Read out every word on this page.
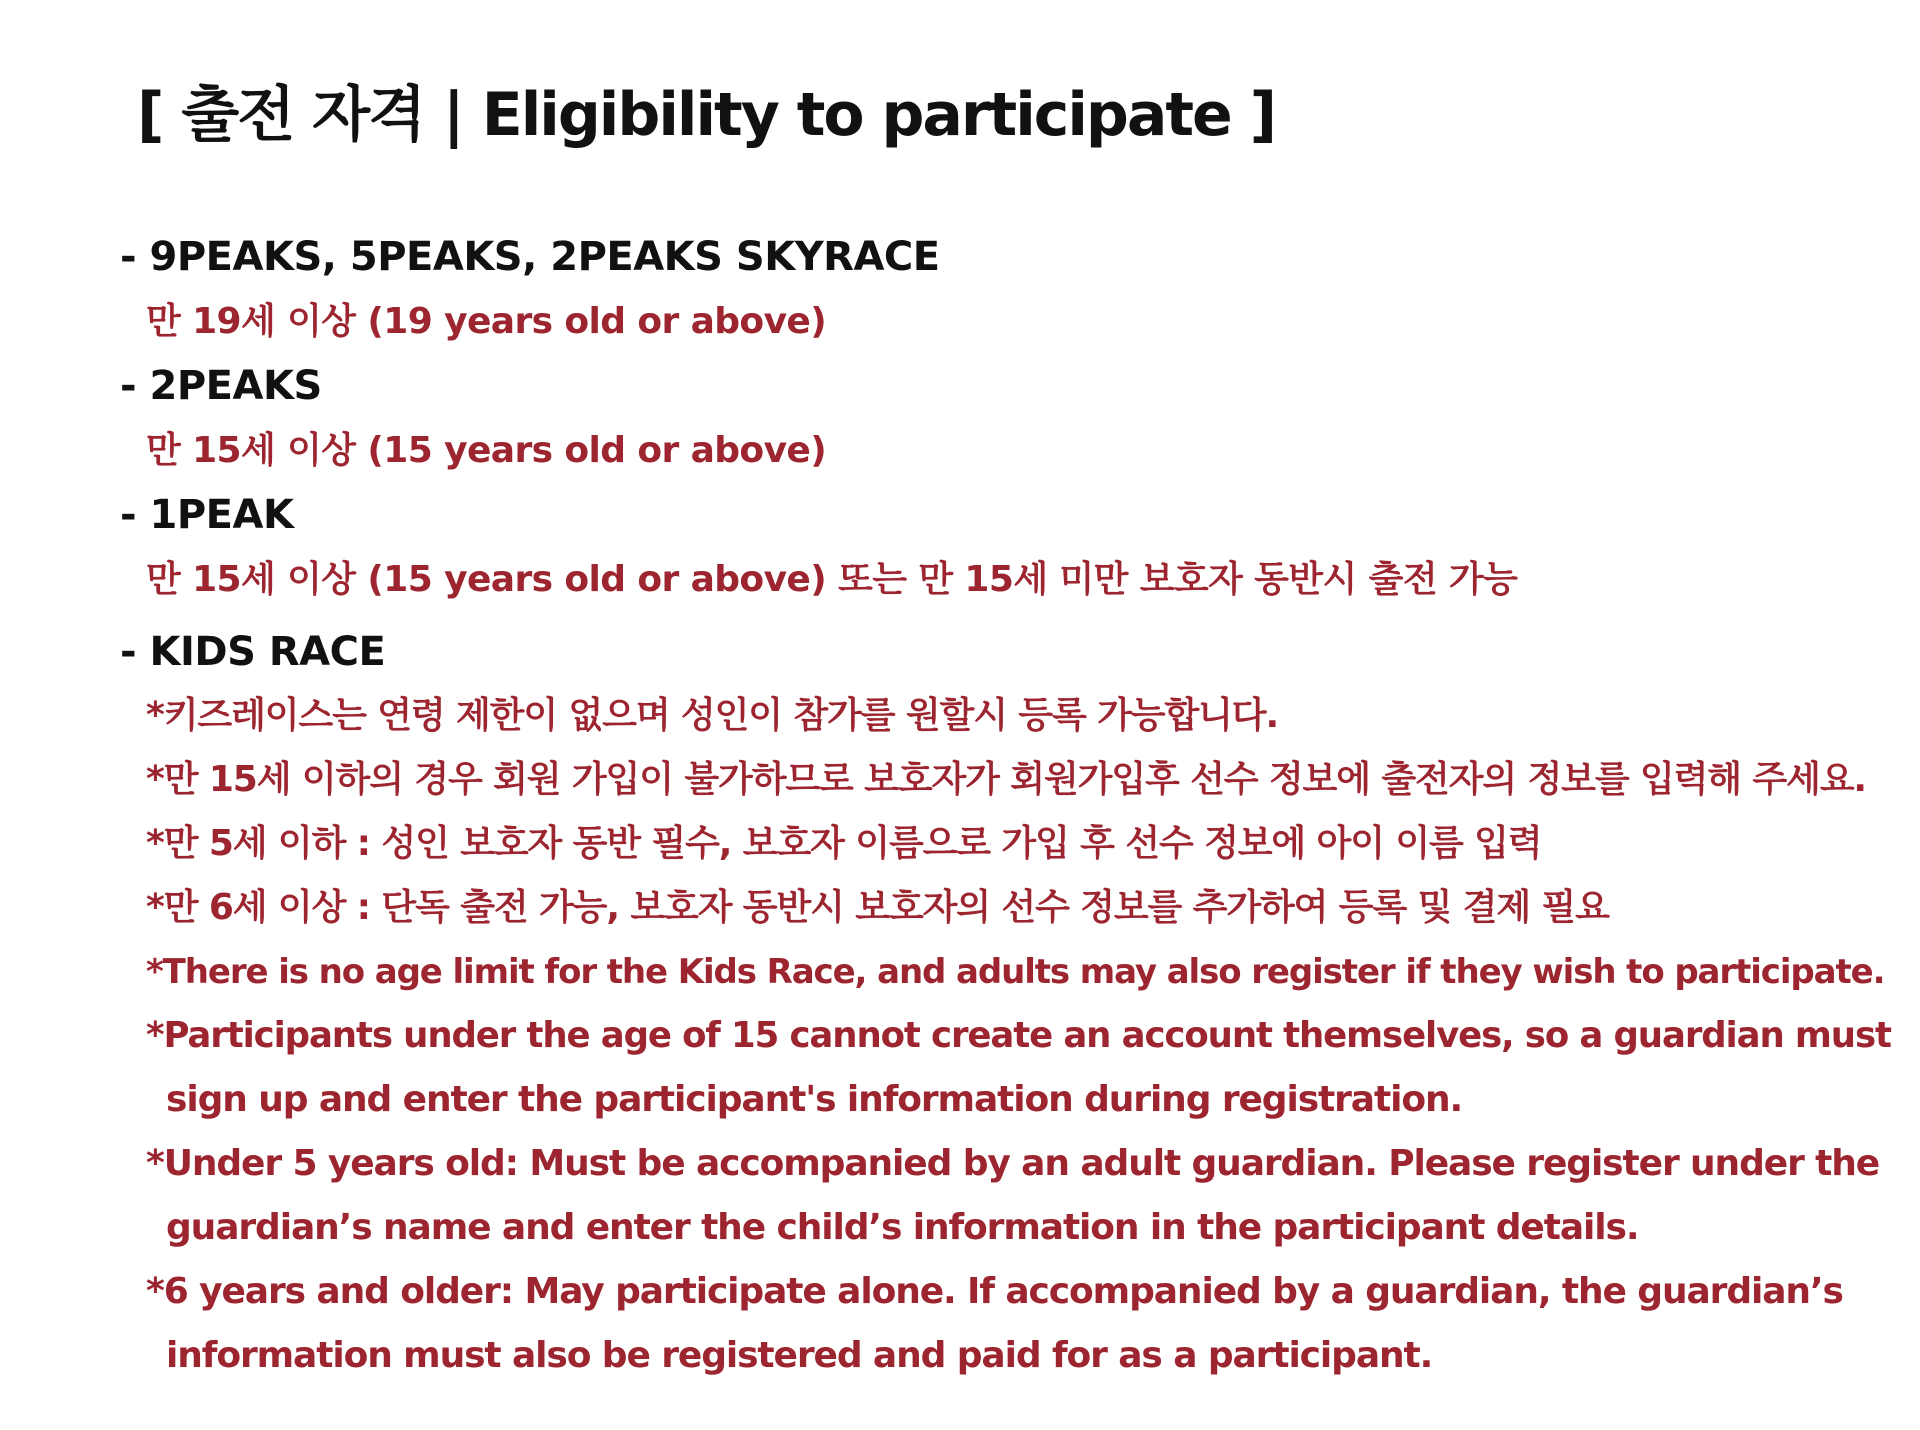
[ 출전 자격 | Eligibility to participate ]
- 9PEAKS, 5PEAKS, 2PEAKS SKYRACE
만 19세 이상 (19 years old or above)
- 2PEAKS
만 15세 이상 (15 years old or above)
- 1PEAK
만 15세 이상 (15 years old or above) 또는 만 15세 미만 보호자 동반시 출전 가능
- KIDS RACE
*키즈레이스는 연령 제한이 없으며 성인이 참가를 원할시 등록 가능합니다.
*만 15세 이하의 경우 회원 가입이 불가하므로 보호자가 회원가입후 선수 정보에 출전자의 정보를 입력해 주세요.
*만 5세 이하 : 성인 보호자 동반 필수, 보호자 이름으로 가입 후 선수 정보에 아이 이름 입력
*만 6세 이상 : 단독 출전 가능, 보호자 동반시 보호자의 선수 정보를 추가하여 등록 및 결제 필요
*There is no age limit for the Kids Race, and adults may also register if they wish to participate.
*Participants under the age of 15 cannot create an account themselves, so a guardian must
sign up and enter the participant's information during registration.
*Under 5 years old: Must be accompanied by an adult guardian. Please register under the
guardian’s name and enter the child’s information in the participant details.
*6 years and older: May participate alone. If accompanied by a guardian, the guardian’s
information must also be registered and paid for as a participant.
